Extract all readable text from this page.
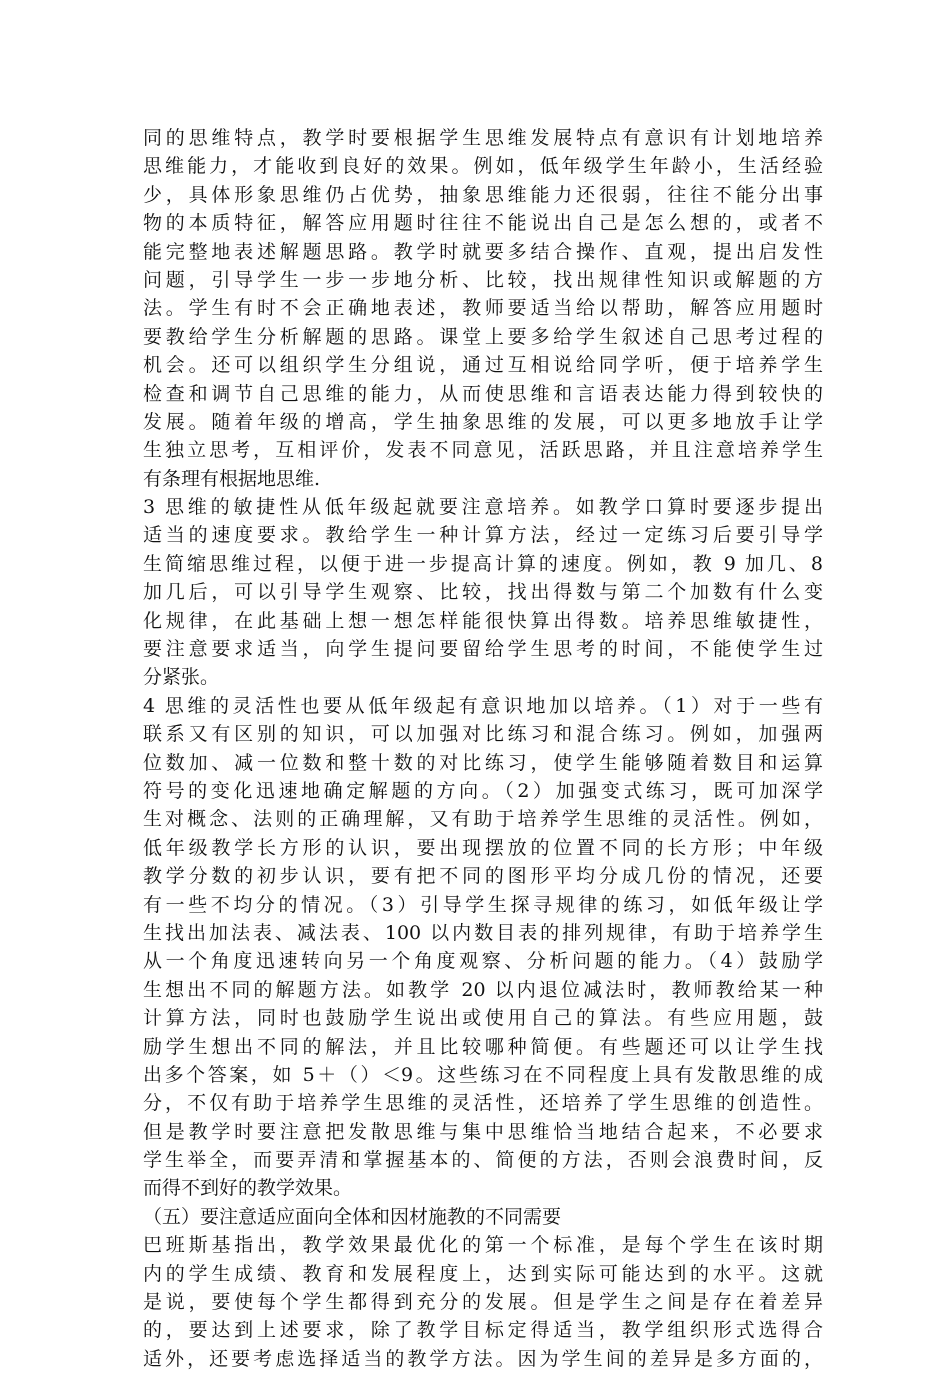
同的思维特点，教学时要根据学生思维发展特点有意识有计划地培养
思维能力，才能收到良好的效果。例如，低年级学生年龄小，生活经验
少，具体形象思维仍占优势，抽象思维能力还很弱，往往不能分出事
物的本质特征，解答应用题时往往不能说出自己是怎么想的，或者不
能完整地表述解题思路。教学时就要多结合操作、直观，提出启发性
问题，引导学生一步一步地分析、比较，找出规律性知识或解题的方
法。学生有时不会正确地表述，教师要适当给以帮助，解答应用题时
要教给学生分析解题的思路。课堂上要多给学生叙述自己思考过程的
机会。还可以组织学生分组说，通过互相说给同学听，便于培养学生
检查和调节自己思维的能力，从而使思维和言语表达能力得到较快的
发展。随着年级的增高，学生抽象思维的发展，可以更多地放手让学
生独立思考，互相评价，发表不同意见，活跃思路，并且注意培养学生
有条理有根据地思维.
3 思维的敏捷性从低年级起就要注意培养。如教学口算时要逐步提出
适当的速度要求。教给学生一种计算方法，经过一定练习后要引导学
生简缩思维过程，以便于进一步提高计算的速度。例如，教 9 加几、8
加几后，可以引导学生观察、比较，找出得数与第二个加数有什么变
化规律，在此基础上想一想怎样能很快算出得数。培养思维敏捷性，
要注意要求适当，向学生提问要留给学生思考的时间，不能使学生过
分紧张。
4 思维的灵活性也要从低年级起有意识地加以培养。（1）对于一些有
联系又有区别的知识，可以加强对比练习和混合练习。例如，加强两
位数加、减一位数和整十数的对比练习，使学生能够随着数目和运算
符号的变化迅速地确定解题的方向。（2）加强变式练习，既可加深学
生对概念、法则的正确理解，又有助于培养学生思维的灵活性。例如，
低年级教学长方形的认识，要出现摆放的位置不同的长方形；中年级
教学分数的初步认识，要有把不同的图形平均分成几份的情况，还要
有一些不均分的情况。（3）引导学生探寻规律的练习，如低年级让学
生找出加法表、减法表、100 以内数目表的排列规律，有助于培养学生
从一个角度迅速转向另一个角度观察、分析问题的能力。（4）鼓励学
生想出不同的解题方法。如教学 20 以内退位减法时，教师教给某一种
计算方法，同时也鼓励学生说出或使用自己的算法。有些应用题，鼓
励学生想出不同的解法，并且比较哪种简便。有些题还可以让学生找
出多个答案，如 5＋（）＜9。这些练习在不同程度上具有发散思维的成
分，不仅有助于培养学生思维的灵活性，还培养了学生思维的创造性。
但是教学时要注意把发散思维与集中思维恰当地结合起来，不必要求
学生举全，而要弄清和掌握基本的、简便的方法，否则会浪费时间，反
而得不到好的教学效果。
（五）要注意适应面向全体和因材施教的不同需要
巴班斯基指出，教学效果最优化的第一个标准，是每个学生在该时期
内的学生成绩、教育和发展程度上，达到实际可能达到的水平。这就
是说，要使每个学生都得到充分的发展。但是学生之间是存在着差异
的，要达到上述要求，除了教学目标定得适当，教学组织形式选得合
适外，还要考虑选择适当的教学方法。因为学生间的差异是多方面的，
